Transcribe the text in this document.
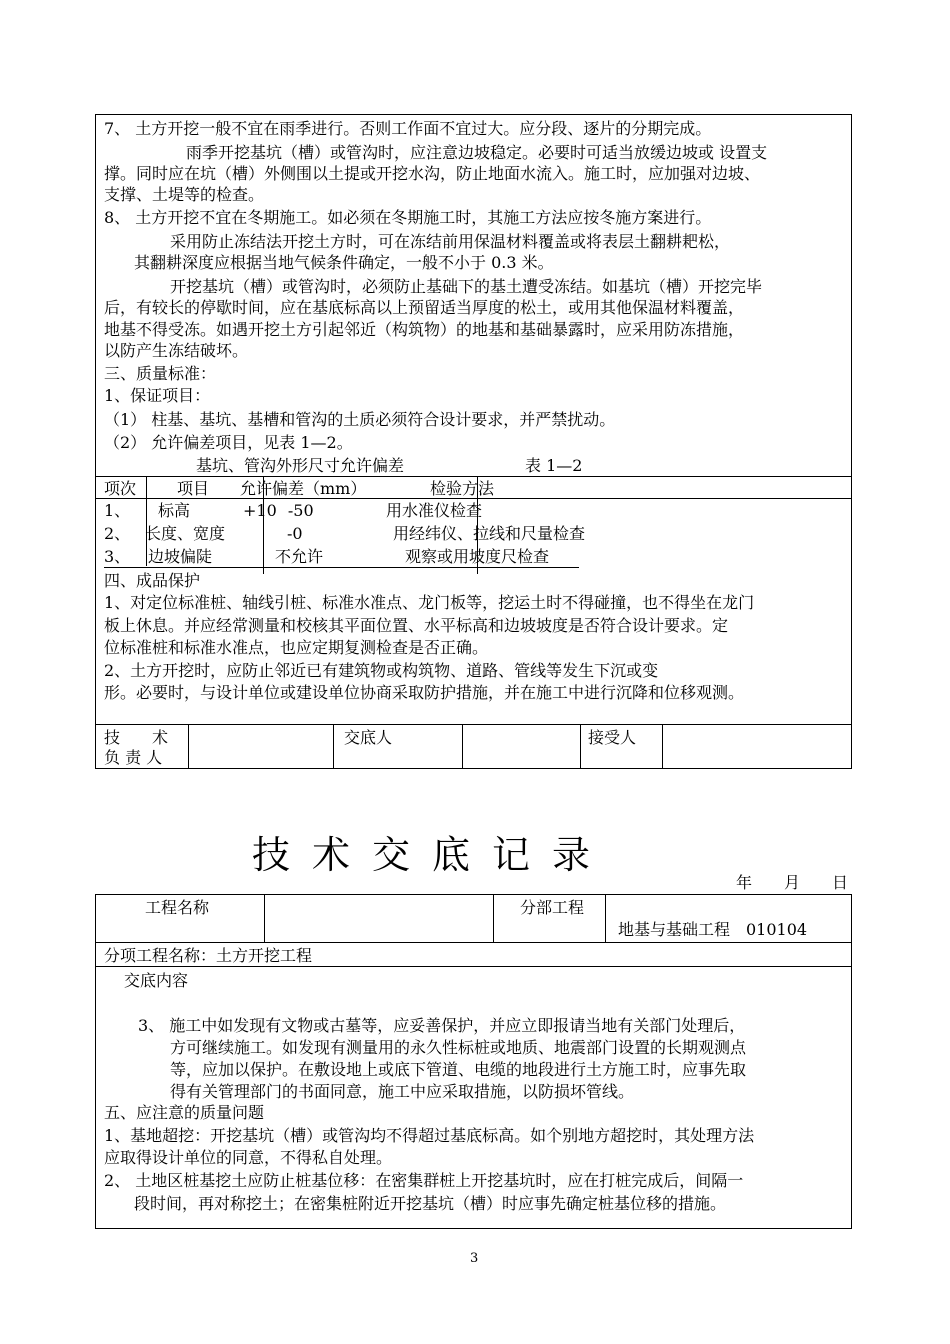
7、 土方开挖一般不宜在雨季进行。否则工作面不宜过大。应分段、逐片的分期完成。
雨季开挖基坑（槽）或管沟时，应注意边坡稳定。必要时可适当放缓边坡或 设置支
撑。同时应在坑（槽）外侧围以土提或开挖水沟，防止地面水流入。施工时，应加强对边坡、
支撑、土堤等的检查。
8、 土方开挖不宜在冬期施工。如必须在冬期施工时，其施工方法应按冬施方案进行。
采用防止冻结法开挖土方时，可在冻结前用保温材料覆盖或将表层土翻耕耙松，
其翻耕深度应根据当地气候条件确定，一般不小于 0.3 米。
开挖基坑（槽）或管沟时，必须防止基础下的基土遭受冻结。如基坑（槽）开挖完毕
后，有较长的停歇时间，应在基底标高以上预留适当厚度的松土，或用其他保温材料覆盖，
地基不得受冻。如遇开挖土方引起邻近（构筑物）的地基和基础暴露时，应采用防冻措施，
以防产生冻结破坏。
三、质量标准：
1、保证项目：
（1） 柱基、基坑、基槽和管沟的土质必须符合设计要求，并严禁扰动。
（2） 允许偏差项目，见表 1—2。
基坑、管沟外形尺寸允许偏差	表 1—2
项次	项目 允许偏差（mm）	检验方法
1、 标高	+10 -50	用水准仪检查
2、 长度、宽度	-0	用经纬仪、拉线和尺量检查
3、 边坡偏陡	不允许	观察或用坡度尺检查
四、成品保护
1、对定位标准桩、轴线引桩、标准水准点、龙门板等，挖运土时不得碰撞，也不得坐在龙门
板上休息。并应经常测量和校核其平面位置、水平标高和边坡坡度是否符合设计要求。定
位标准桩和标准水准点，也应定期复测检查是否正确。
2、土方开挖时，应防止邻近已有建筑物或构筑物、道路、管线等发生下沉或变
形。必要时，与设计单位或建设单位协商采取防护措施，并在施工中进行沉降和位移观测。
技　　术
负 责 人
交底人	接受人
技术交底记录
年　　月　　日
工程名称	分部工程
地基与基础工程　010104
分项工程名称：土方开挖工程
交底内容
3、 施工中如发现有文物或古墓等，应妥善保护，并应立即报请当地有关部门处理后，
方可继续施工。如发现有测量用的永久性标桩或地质、地震部门设置的长期观测点
等，应加以保护。在敷设地上或底下管道、电缆的地段进行土方施工时，应事先取
得有关管理部门的书面同意，施工中应采取措施，以防损坏管线。
五、应注意的质量问题
1、基地超挖：开挖基坑（槽）或管沟均不得超过基底标高。如个别地方超挖时，其处理方法
应取得设计单位的同意，不得私自处理。
2、 土地区桩基挖土应防止桩基位移：在密集群桩上开挖基坑时，应在打桩完成后，间隔一
段时间，再对称挖土；在密集桩附近开挖基坑（槽）时应事先确定桩基位移的措施。
3
